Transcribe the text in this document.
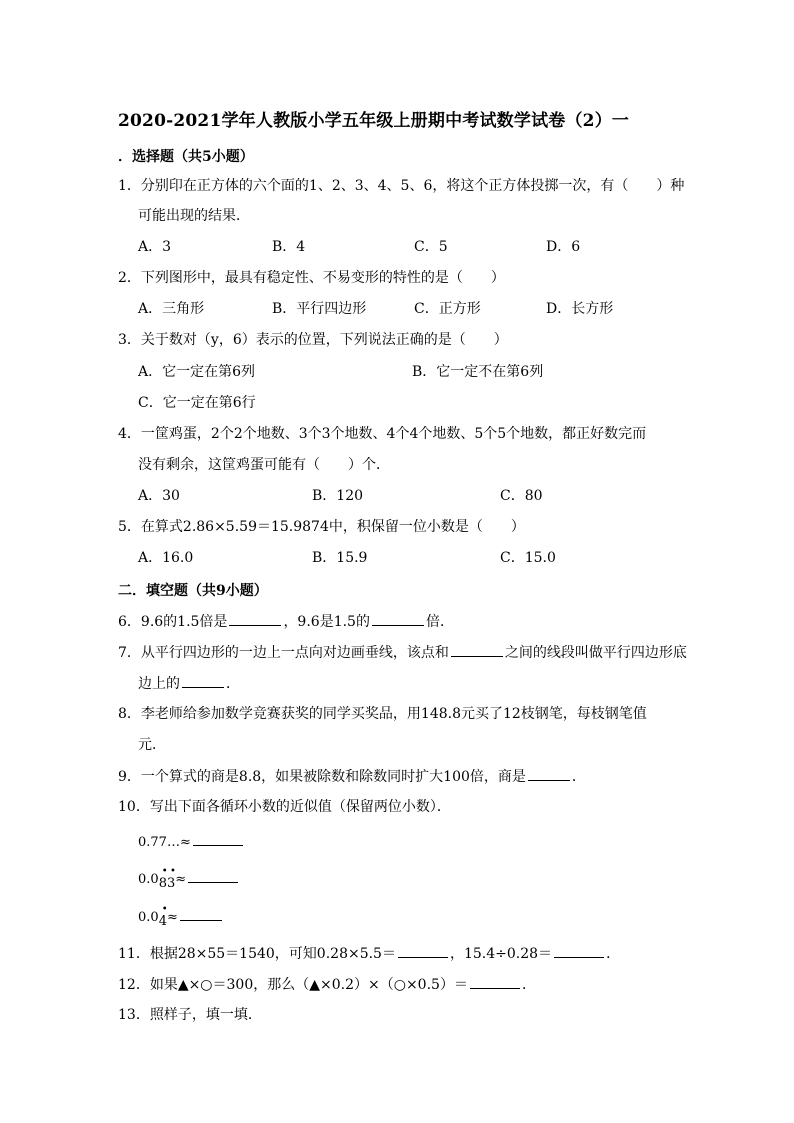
2020-2021学年人教版小学五年级上册期中考试数学试卷（2）一
．选择题（共5小题）
1．分别印在正方体的六个面的1、2、3、4、5、6，将这个正方体投掷一次，有（　　）种
可能出现的结果．
A．3	B．4	C．5	D．6
2．下列图形中，最具有稳定性、不易变形的特性的是（　　）
A．三角形	B．平行四边形	C．正方形	D．长方形
3．关于数对（y，6）表示的位置，下列说法正确的是（　　）
A．它一定在第6列	B．它一定不在第6列
C．它一定在第6行
4．一筐鸡蛋，2个2个地数、3个3个地数、4个4个地数、5个5个地数，都正好数完而
没有剩余，这筐鸡蛋可能有（　　）个．
A．30	B．120	C．80
5．在算式2.86×5.59＝15.9874中，积保留一位小数是（　　）
A．16.0	B．15.9	C．15.0
二．填空题（共9小题）
6．9.6的1.5倍是	，9.6是1.5的	倍．
7．从平行四边形的一边上一点向对边画垂线，该点和	之间的线段叫做平行四边形底
边上的	．
8．李老师给参加数学竞赛获奖的同学买奖品，用148.8元买了12枝钢笔，每枝钢笔值
元．
9．一个算式的商是8.8，如果被除数和除数同时扩大100倍，商是	．
10．写出下面各循环小数的近似值（保留两位小数）．
0.77…≈
0.0
•
8
•
3≈
0.0
•
4≈
11．根据28×55＝1540，可知0.28×5.5＝	，15.4÷0.28＝	．
12．如果▲×○＝300，那么（▲×0.2）×（○×0.5）＝	．
13．照样子，填一填．
